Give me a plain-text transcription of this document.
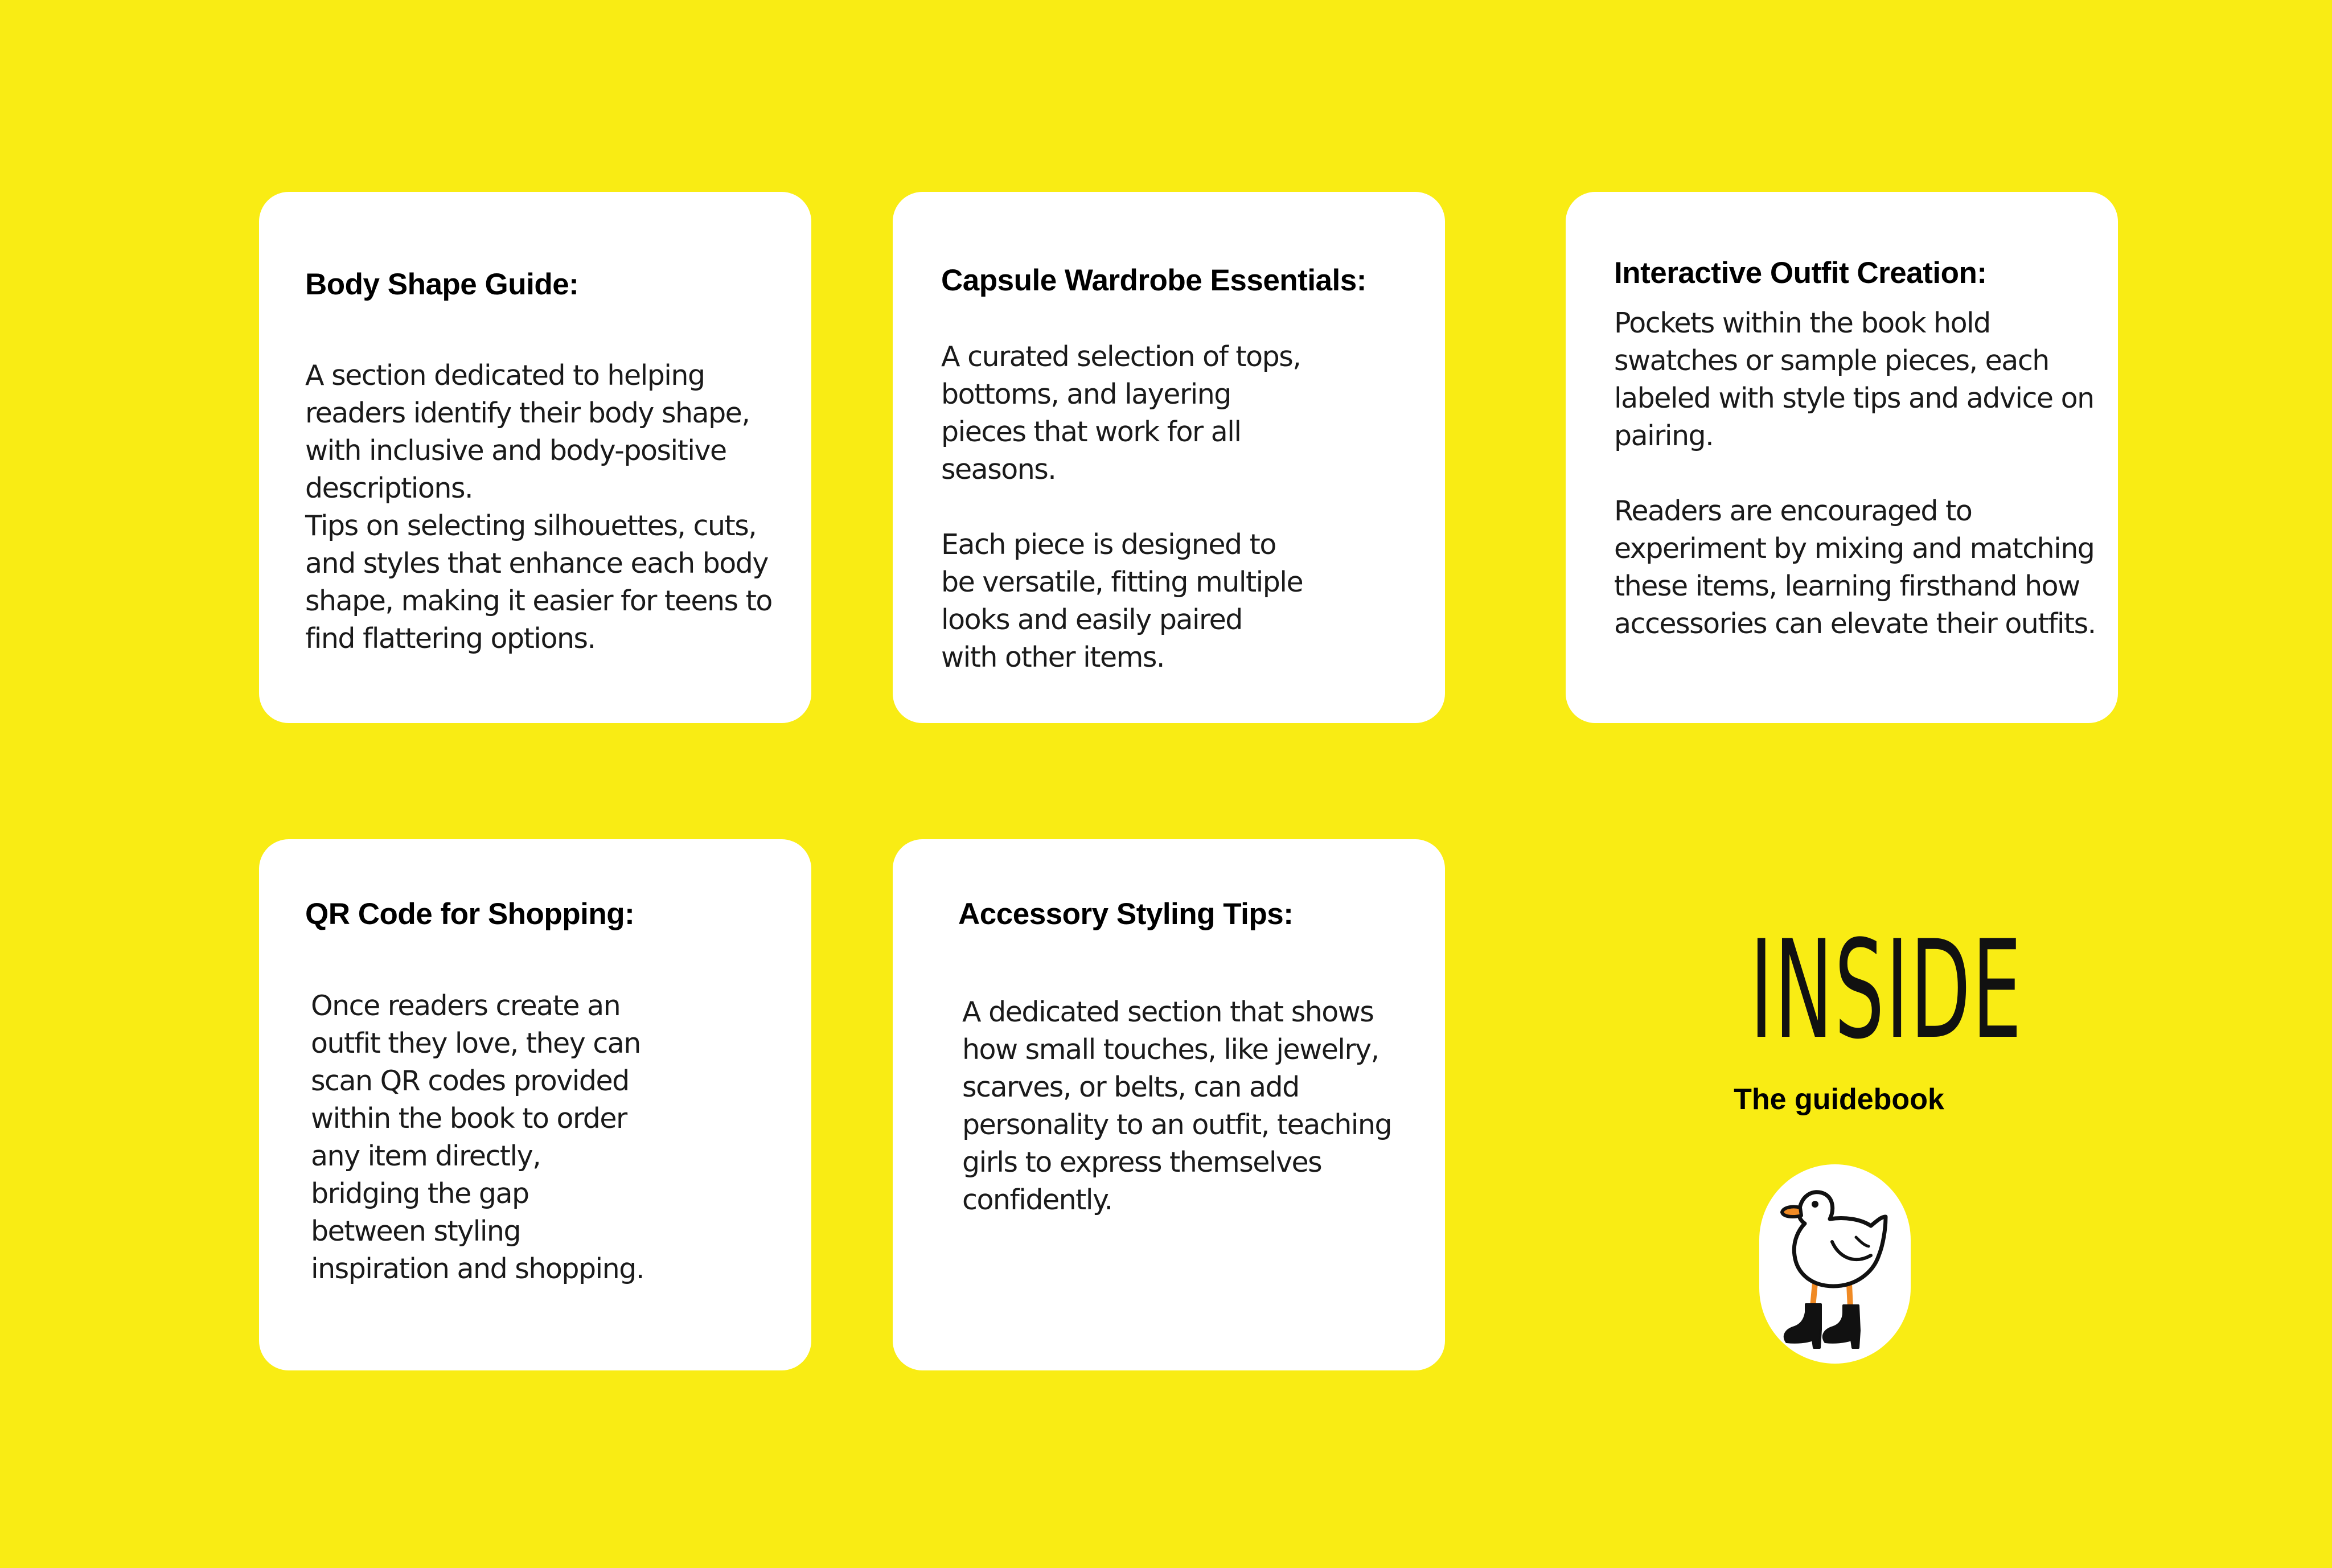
Body Shape Guide:

A section dedicated to helping
readers identify their body shape,
with inclusive and body-positive
descriptions.
Tips on selecting silhouettes, cuts,
and styles that enhance each body
shape, making it easier for teens to
find flattering options.

Capsule Wardrobe Essentials:

A curated selection of tops,
bottoms, and layering
pieces that work for all
seasons.

Each piece is designed to
be versatile, fitting multiple
looks and easily paired
with other items.

Interactive Outfit Creation:

Pockets within the book hold
swatches or sample pieces, each
labeled with style tips and advice on
pairing.

Readers are encouraged to
experiment by mixing and matching
these items, learning firsthand how
accessories can elevate their outfits.

QR Code for Shopping:

Once readers create an
outfit they love, they can
scan QR codes provided
within the book to order
any item directly,
bridging the gap
between styling
inspiration and shopping.

Accessory Styling Tips:

A dedicated section that shows
how small touches, like jewelry,
scarves, or belts, can add
personality to an outfit, teaching
girls to express themselves
confidently.

INSIDE
The guidebook
